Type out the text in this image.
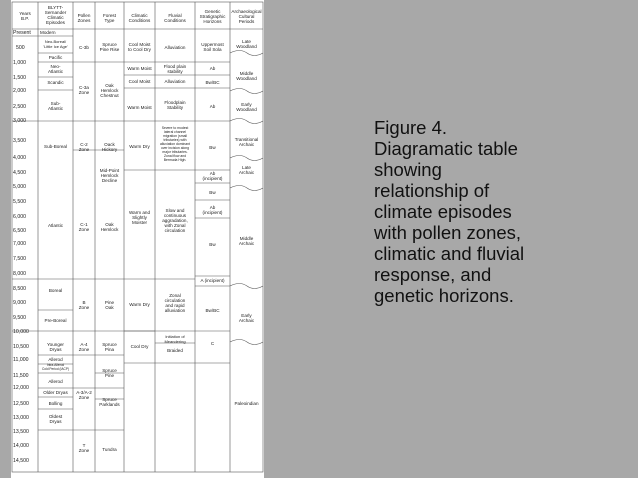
Years
B.P.
BLYTT-
Sernander
Climatic
Episodes
Pollen
Zones
Forest
Type
Climatic
Conditions
Fluvial
Conditions
Genetic
Stratigraphic
Horizons
Archaeological
Cultural
Periods
Present
500
1,000
1,500
2,000
2,500
3,000
3,500
4,000
4,500
5,000
5,500
6,000
6,500
7,000
7,500
8,000
8,500
9,000
9,500
10,000
10,500
11,000
11,500
12,000
12,500
13,000
13,500
14,000
14,500
Modern
Neo-Boreal/
'Little Ice Age'
Pacific
Neo-
Atlantic
Scandic
Sub-
Atlantic
Sub-Boreal
Atlantic
Boreal
Pre-Boreal
Younger
Dryas
Allerod
Intra-Allerod
Cold Period (IACP)
Allerod
Older Dryas
Bolling
Oldest
Dryas
C-3b
C-3a
Zone
C-2
Zone
C-1
Zone
B
Zone
A-4
Zone
A-3/A-2
Zone
T
Zone
Spruce
Pine Rise
Oak
Hemlock
Chestnut
Oack
Hickory
Mid-Point
Hemlock
Decline
Oak
Hemlock
Pine
Oak
Spruce
Pina
Spruce
Pine
Spruce
Parklands
Tundra
Cool Moist
to Cool Dry
Warm Moist
Cool Moist
Warm Moist
Warm Dry
Warm and
Slightly
Moister
Warm Dry
Cool Dry
Alluviation
Flood plain
stability
Alluviation
Floodplain
Stability
Severe to modest
lateral channel
migration (small
tributaries) with
alluviation dominant
over incision along
major tributaries.
Zonal flow and
Bermuda High.
Slow and
continuous
aggradation,
with Zonal
circulation
Zonal
circulation
and rapid
alluviation
Initiation of
Meandering
Braided
Uppermost
Soil Sola
Ab
Bw/BC
Ab
Bw
Ab
(incipient)
Bw
Ab
(incipient)
Bw
A (incipient)
Bw/BC
C
Late
Woodland
Middle
Woodland
Early
Woodland
Transitional
Archaic
Late
Archaic
Middle
Archaic
Early
Archaic
Paleoindian
Figure 4.
Diagramatic table
showing
relationship of
climate episodes
with pollen zones,
climatic and fluvial
response, and
genetic horizons.
